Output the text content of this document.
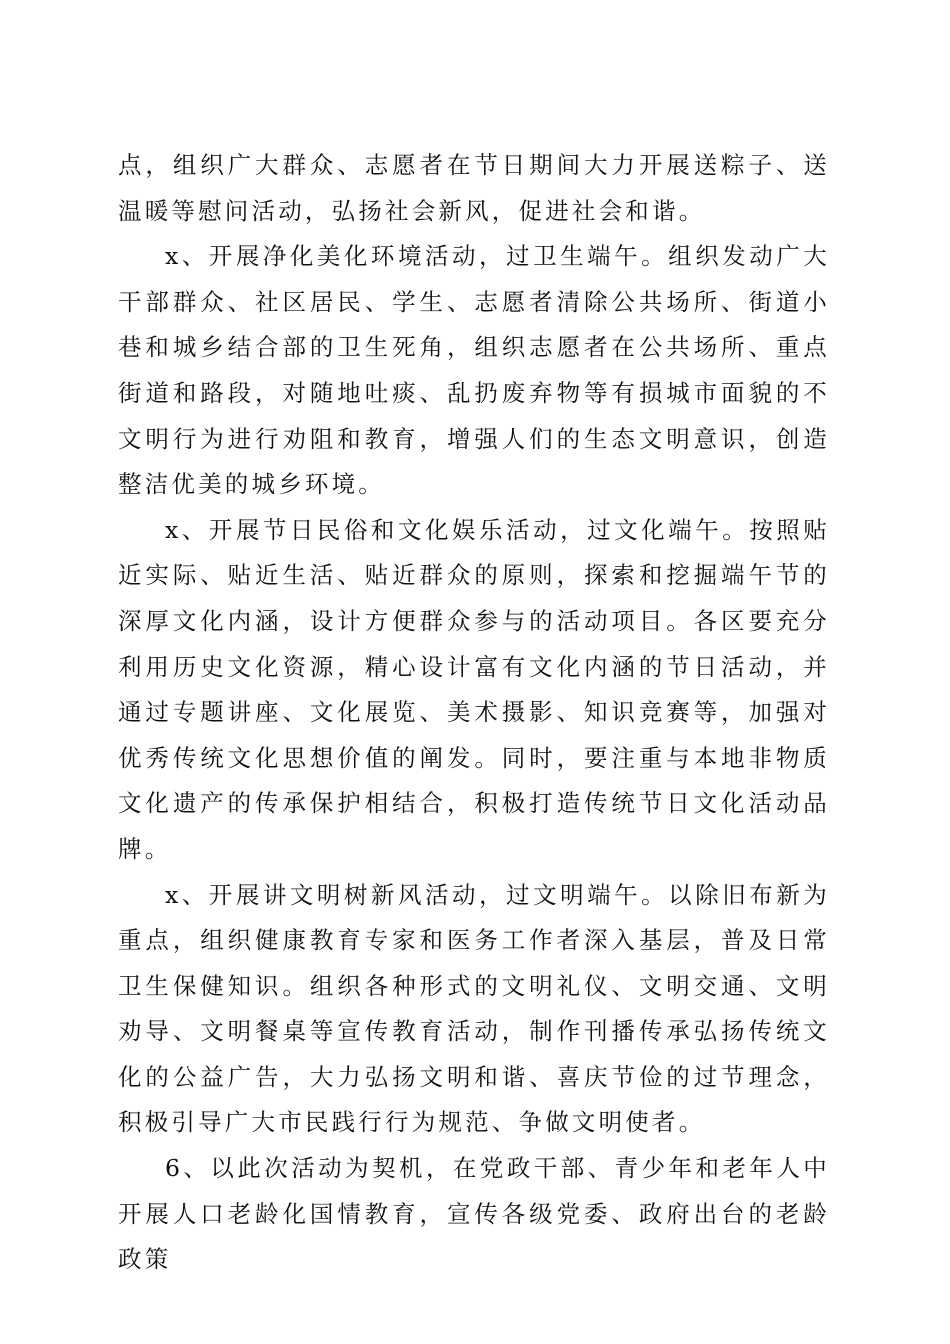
点，组织广大群众、志愿者在节日期间大力开展送粽子、送温暖等慰问活动，弘扬社会新风，促进社会和谐。

x、开展净化美化环境活动，过卫生端午。组织发动广大干部群众、社区居民、学生、志愿者清除公共场所、街道小巷和城乡结合部的卫生死角，组织志愿者在公共场所、重点街道和路段，对随地吐痰、乱扔废弃物等有损城市面貌的不文明行为进行劝阻和教育，增强人们的生态文明意识，创造整洁优美的城乡环境。

x、开展节日民俗和文化娱乐活动，过文化端午。按照贴近实际、贴近生活、贴近群众的原则，探索和挖掘端午节的深厚文化内涵，设计方便群众参与的活动项目。各区要充分利用历史文化资源，精心设计富有文化内涵的节日活动，并通过专题讲座、文化展览、美术摄影、知识竞赛等，加强对优秀传统文化思想价值的阐发。同时，要注重与本地非物质文化遗产的传承保护相结合，积极打造传统节日文化活动品牌。

x、开展讲文明树新风活动，过文明端午。以除旧布新为重点，组织健康教育专家和医务工作者深入基层，普及日常卫生保健知识。组织各种形式的文明礼仪、文明交通、文明劝导、文明餐桌等宣传教育活动，制作刊播传承弘扬传统文化的公益广告，大力弘扬文明和谐、喜庆节俭的过节理念，积极引导广大市民践行行为规范、争做文明使者。

6、以此次活动为契机，在党政干部、青少年和老年人中开展人口老龄化国情教育，宣传各级党委、政府出台的老龄政策
